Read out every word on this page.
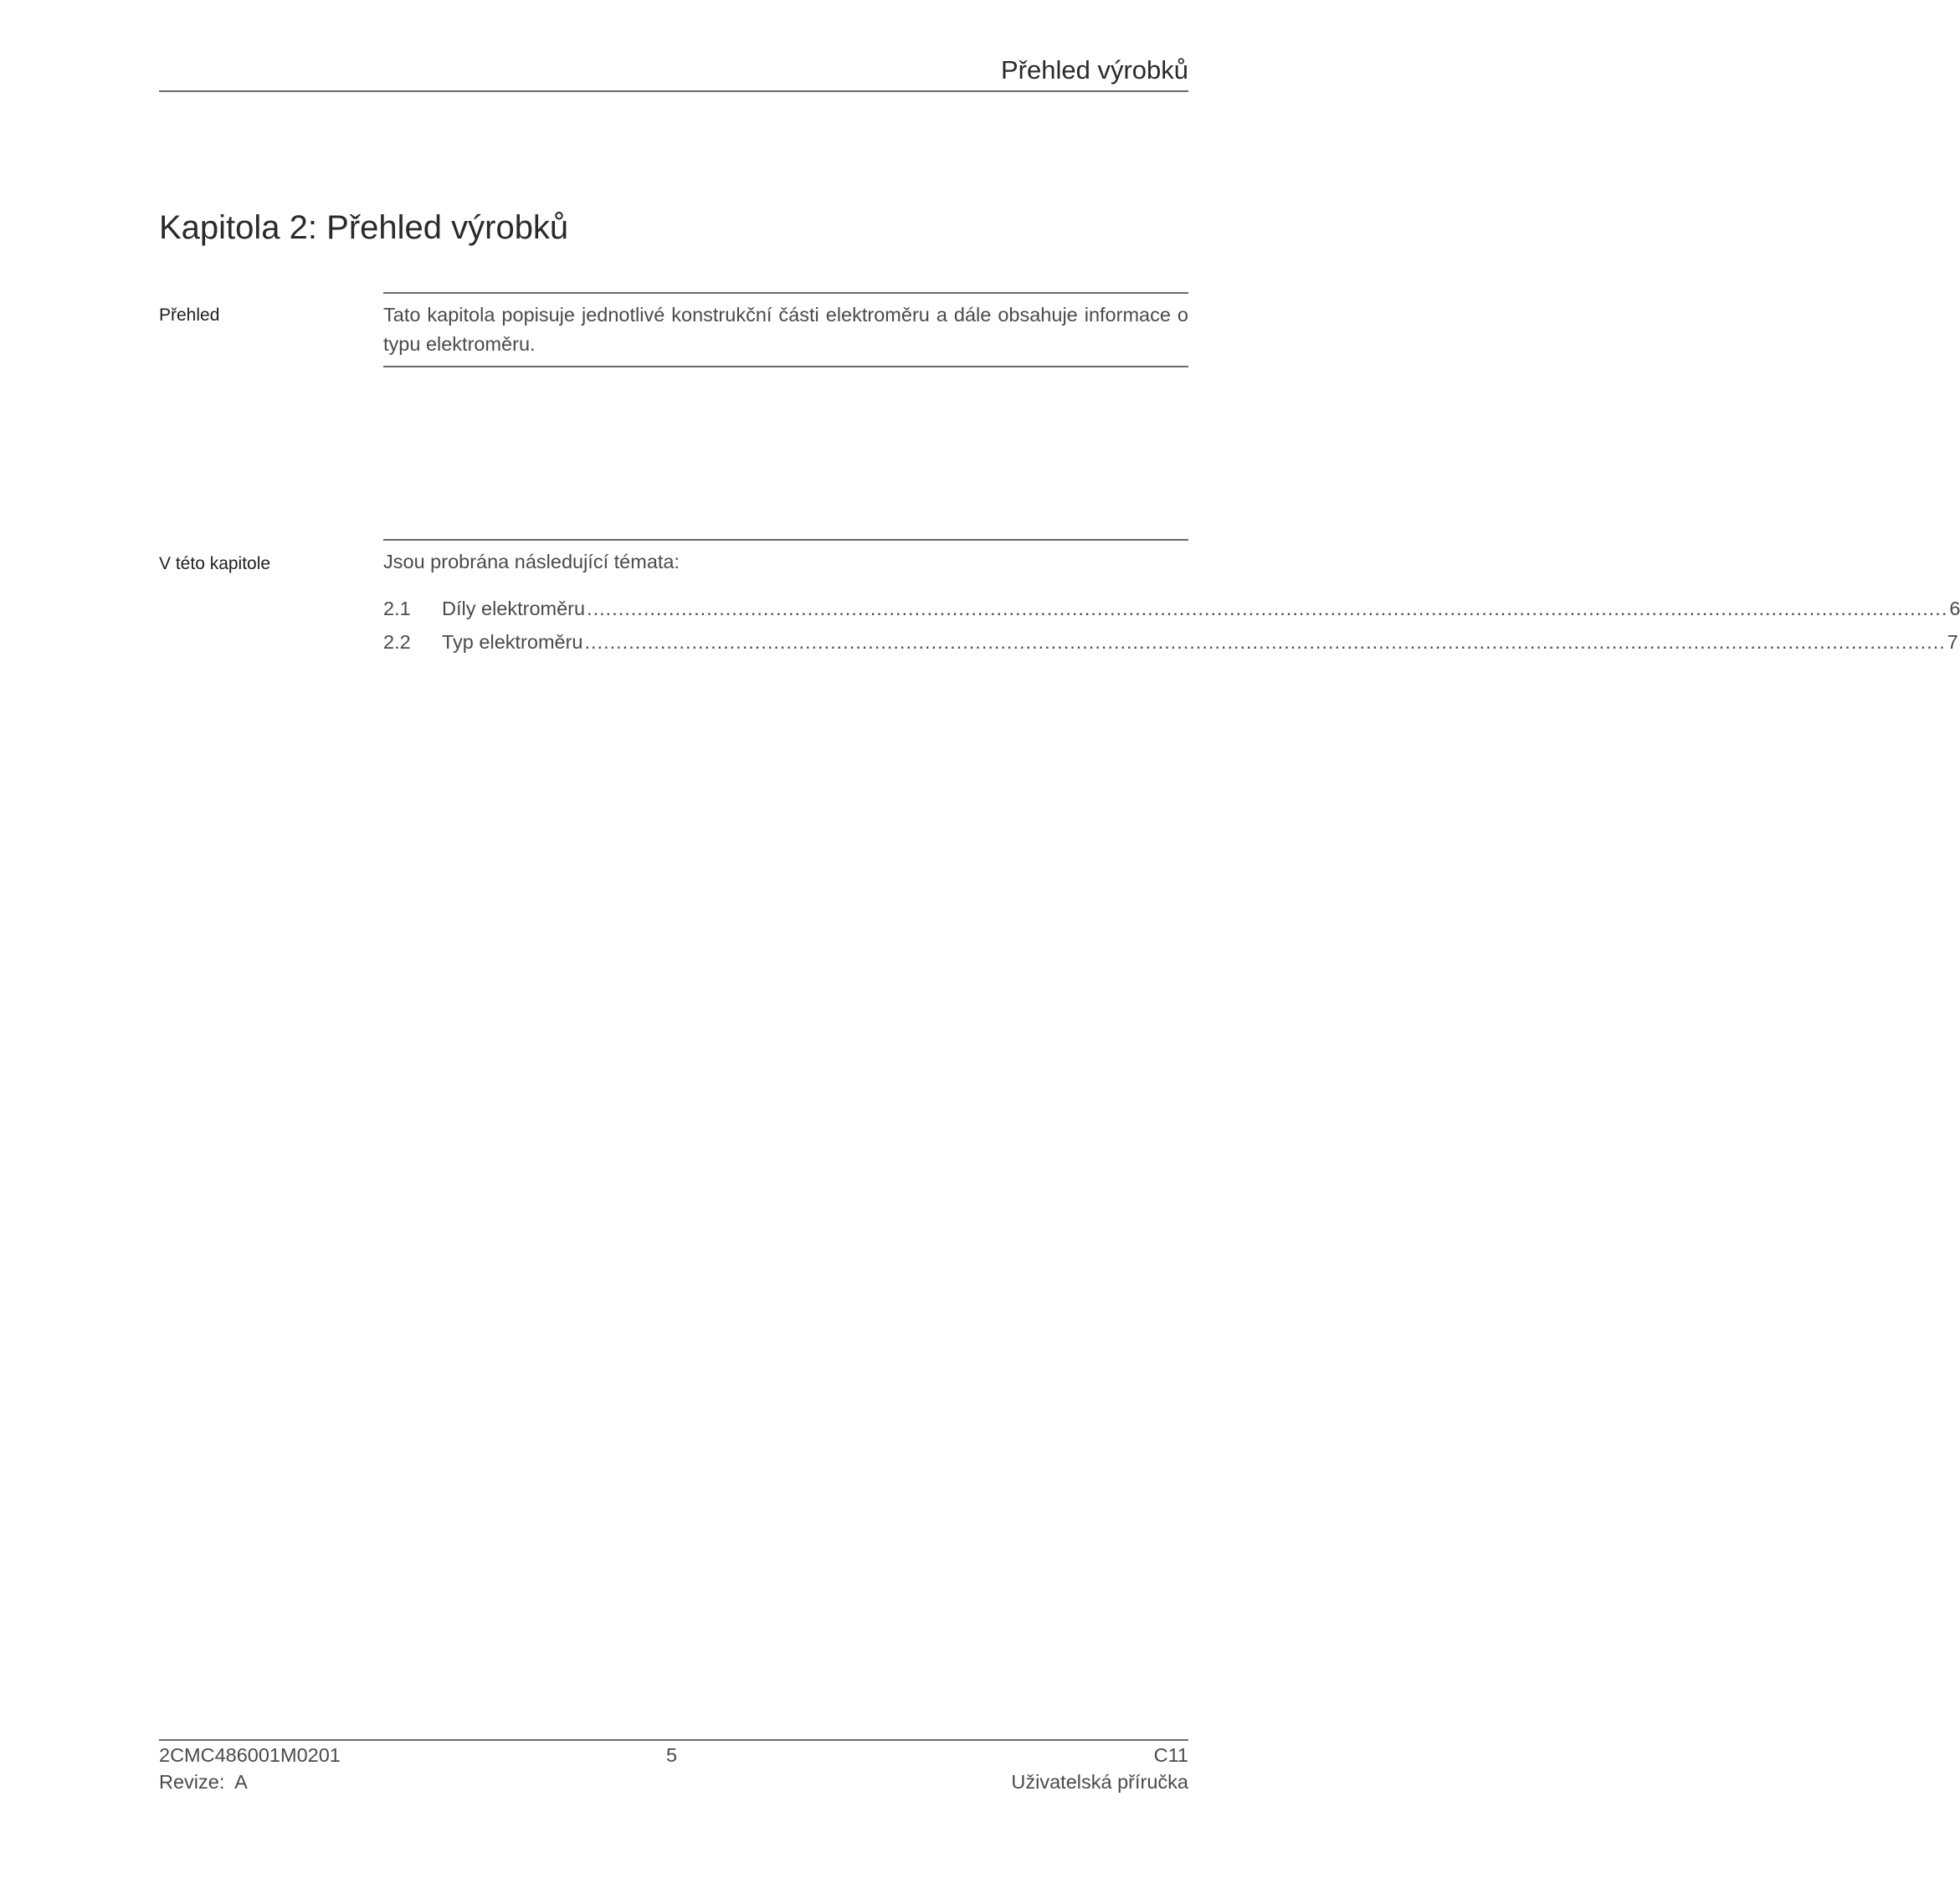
Přehled výrobků
Kapitola 2: Přehled výrobků
Přehled	Tato kapitola popisuje jednotlivé konstrukční části elektroměru a dále obsahuje informace o typu elektroměru.
V této kapitole	Jsou probrána následující témata:
2.1	Díly elektroměru ........................................................................................................................................................................................................................ 6
2.2	Typ elektroměru ........................................................................................................................................................................................................................ 7
2CMC486001M0201
Revize:  A
5	C11
Uživatelská příručka
